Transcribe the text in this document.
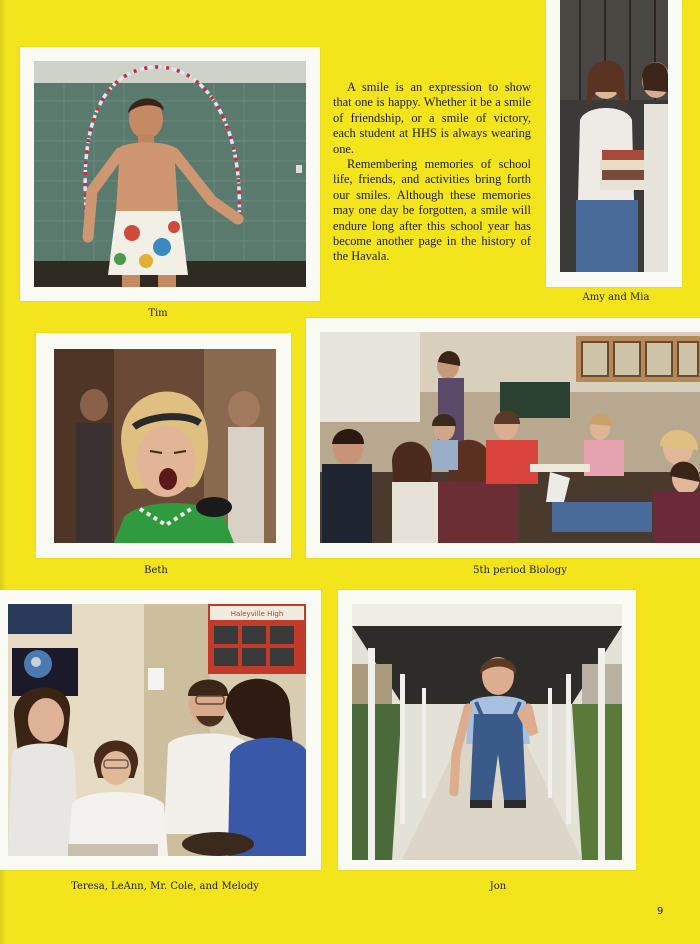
Tim

A smile is an expression to show that one is happy. Whether it be a smile of friendship, or a smile of victory, each student at HHS is always wearing one.

Remembering memories of school life, friends, and activities bring forth our smiles. Although these memories may one day be forgotten, a smile will endure long after this school year has become another page in the history of the Havala.

Amy and Mia
Beth	5th period Biology
Haleyville High
Teresa, LeAnn, Mr. Cole, and Melody	Jon
9
